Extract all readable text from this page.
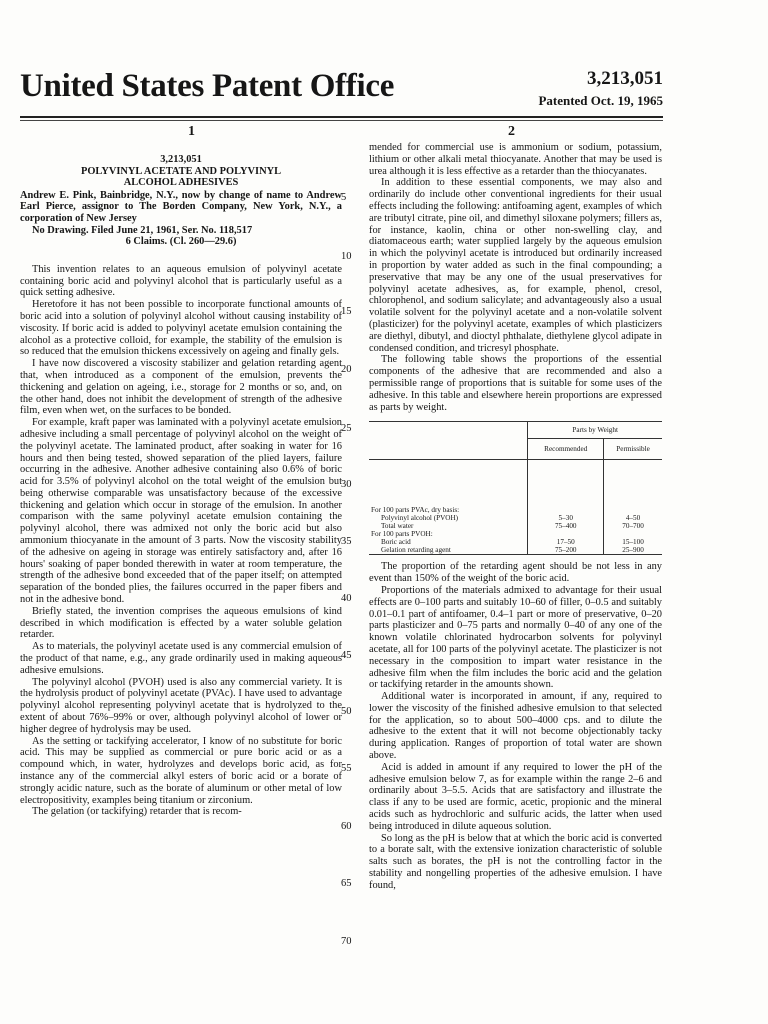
United States Patent Office	3,213,051
Patented Oct. 19, 1965
1	2
5
10
15
20
25
30
35
40
45
50
55
60
65
70
3,213,051
POLYVINYL ACETATE AND POLYVINYL
ALCOHOL ADHESIVES
Andrew E. Pink, Bainbridge, N.Y., now by change of name to Andrew Earl Pierce, assignor to The Borden Company, New York, N.Y., a corporation of New Jersey
No Drawing. Filed June 21, 1961, Ser. No. 118,517
6 Claims. (Cl. 260—29.6)

This invention relates to an aqueous emulsion of polyvinyl acetate containing boric acid and polyvinyl alcohol that is particularly useful as a quick setting adhesive.

Heretofore it has not been possible to incorporate functional amounts of boric acid into a solution of polyvinyl alcohol without causing instability of viscosity. If boric acid is added to polyvinyl acetate emulsion containing the alcohol as a protective colloid, for example, the stability of the emulsion is so reduced that the emulsion thickens excessively on ageing and finally gels.

I have now discovered a viscosity stabilizer and gelation retarding agent that, when introduced as a component of the emulsion, prevents the thickening and gelation on ageing, i.e., storage for 2 months or so, and, on the other hand, does not inhibit the development of strength of the adhesive film, even when wet, on the surfaces to be bonded.

For example, kraft paper was laminated with a polyvinyl acetate emulsion adhesive including a small percentage of polyvinyl alcohol on the weight of the polyvinyl acetate. The laminated product, after soaking in water for 16 hours and then being tested, showed separation of the plied layers, failure occurring in the adhesive. Another adhesive containing also 0.6% of boric acid for 3.5% of polyvinyl alcohol on the total weight of the emulsion but being otherwise comparable was unsatisfactory because of the excessive thickening and gelation which occur in storage of the emulsion. In another comparison with the same polyvinyl acetate emulsion containing the polyvinyl alcohol, there was admixed not only the boric acid but also ammonium thiocyanate in the amount of 3 parts. Now the viscosity stability of the adhesive on ageing in storage was entirely satisfactory and, after 16 hours' soaking of paper bonded therewith in water at room temperature, the strength of the adhesive bond exceeded that of the paper itself; on attempted separation of the bonded plies, the failures occurred in the paper fibers and not in the adhesive bond.

Briefly stated, the invention comprises the aqueous emulsions of kind described in which modification is effected by a water soluble gelation retarder.

As to materials, the polyvinyl acetate used is any commercial emulsion of the product of that name, e.g., any grade ordinarily used in making aqueous adhesive emulsions.

The polyvinyl alcohol (PVOH) used is also any commercial variety. It is the hydrolysis product of polyvinyl acetate (PVAc). I have used to advantage polyvinyl alcohol representing polyvinyl acetate that is hydrolyzed to the extent of about 76%–99% or over, although polyvinyl alcohol of lower or higher degree of hydrolysis may be used.

As the setting or tackifying accelerator, I know of no substitute for boric acid. This may be supplied as commercial or pure boric acid or as a compound which, in water, hydrolyzes and develops boric acid, as for instance any of the commercial alkyl esters of boric acid or a borate of strongly acidic nature, such as the borate of aluminum or other metal of low electropositivity, examples being titanium or zirconium.

The gelation (or tackifying) retarder that is recom-

mended for commercial use is ammonium or sodium, potassium, lithium or other alkali metal thiocyanate. Another that may be used is urea although it is less effective as a retarder than the thiocyanates.

In addition to these essential components, we may also and ordinarily do include other conventional ingredients for their usual effects including the following: antifoaming agent, examples of which are tributyl citrate, pine oil, and dimethyl siloxane polymers; fillers as, for instance, kaolin, china or other non-swelling clay, and diatomaceous earth; water supplied largely by the aqueous emulsion in which the polyvinyl acetate is introduced but ordinarily increased in proportion by water added as such in the final compounding; a preservative that may be any one of the usual preservatives for polyvinyl acetate adhesives, as, for example, phenol, cresol, chlorophenol, and sodium salicylate; and advantageously also a usual volatile solvent for the polyvinyl acetate and a non-volatile solvent (plasticizer) for the polyvinyl acetate, examples of which plasticizers are diethyl, dibutyl, and dioctyl phthalate, diethylene glycol adipate in condensed condition, and tricresyl phosphate.

The following table shows the proportions of the essential components of the adhesive that are recommended and also a permissible range of proportions that is suitable for some uses of the adhesive. In this table and elsewhere herein proportions are expressed as parts by weight.

	Parts by Weight	
	Recommended	Permissible

For 100 parts PVAc, dry basis:		
Polyvinyl alcohol (PVOH)	5–30	4–50
Total water	75–400	70–700
For 100 parts PVOH:		
Boric acid	17–50	15–100
Gelation retarding agent	75–200	25–900

The proportion of the retarding agent should be not less in any event than 150% of the weight of the boric acid.

Proportions of the materials admixed to advantage for their usual effects are 0–100 parts and suitably 10–60 of filler, 0–0.5 and suitably 0.01–0.1 part of antifoamer, 0.4–1 part or more of preservative, 0–20 parts plasticizer and 0–75 parts and normally 0–40 of any one of the known volatile chlorinated hydrocarbon solvents for polyvinyl acetate, all for 100 parts of the polyvinyl acetate. The plasticizer is not necessary in the composition to impart water resistance in the adhesive film when the film includes the boric acid and the gelation or tackifying retarder in the amounts shown.

Additional water is incorporated in amount, if any, required to lower the viscosity of the finished adhesive emulsion to that selected for the application, so to about 500–4000 cps. and to dilute the adhesive to the extent that it will not become objectionably tacky during application. Ranges of proportion of total water are shown above.

Acid is added in amount if any required to lower the pH of the adhesive emulsion below 7, as for example within the range 2–6 and ordinarily about 3–5.5. Acids that are satisfactory and illustrate the class if any to be used are formic, acetic, propionic and the mineral acids such as hydrochloric and sulfuric acids, the latter when used being introduced in dilute aqueous solution.

So long as the pH is below that at which the boric acid is converted to a borate salt, with the extensive ionization characteristic of soluble salts such as borates, the pH is not the controlling factor in the stability and nongelling properties of the adhesive emulsion. I have found,
